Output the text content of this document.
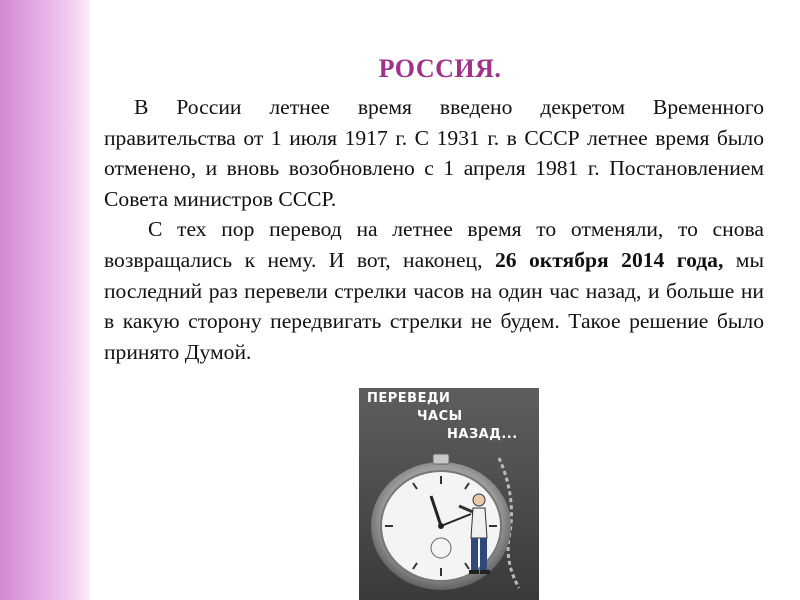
РОССИЯ.

В России летнее время введено декретом Временного правительства от 1 июля 1917 г. С 1931 г. в СССР летнее время было отменено, и вновь возобновлено с 1 апреля 1981 г. Постановлением Совета министров СССР.

С тех пор перевод на летнее время то отменяли, то снова возвращались к нему. И вот, наконец, 26 октября 2014 года, мы последний раз перевели стрелки часов на один час назад, и больше ни в какую сторону передвигать стрелки не будем. Такое решение было принято Думой.

ПЕРЕВЕДИ
ЧАСЫ
НАЗАД...
